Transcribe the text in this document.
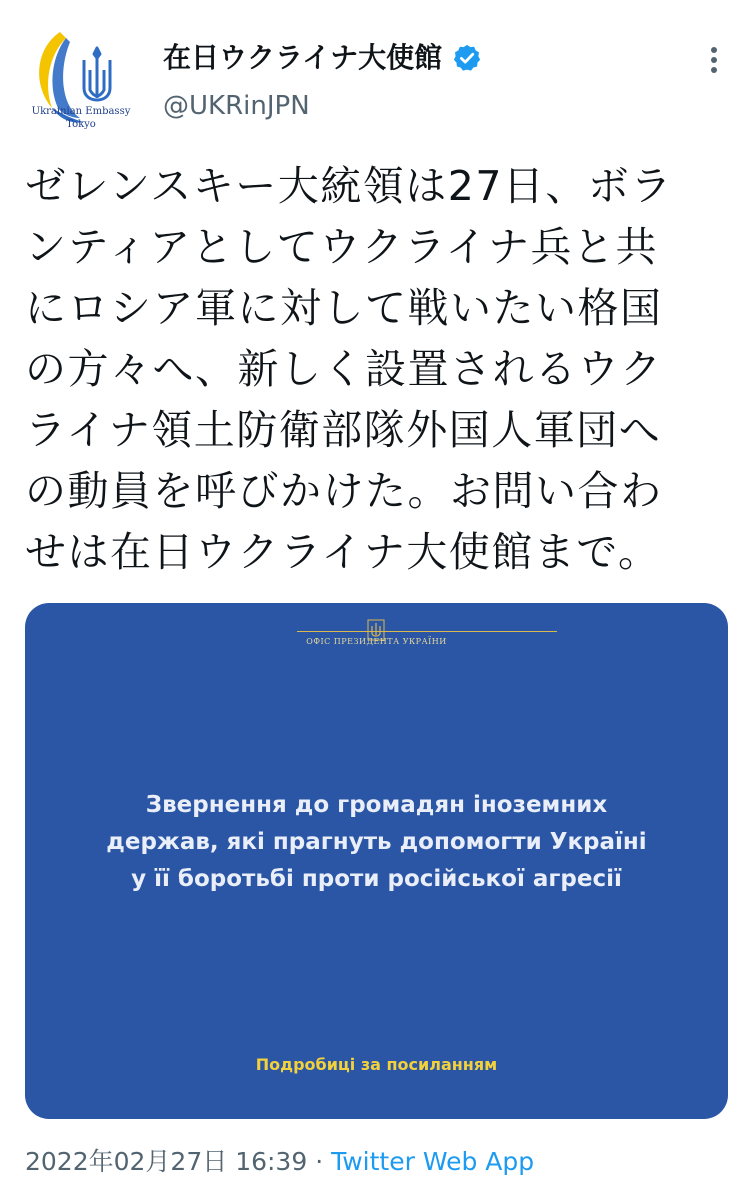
Ukrainian Embassy
Tokyo
在日ウクライナ大使館
@UKRinJPN

ゼレンスキー大統領は27日、ボラ
ンティアとしてウクライナ兵と共
にロシア軍に対して戦いたい格国
の方々へ、新しく設置されるウク
ライナ領土防衛部隊外国人軍団へ
の動員を呼びかけた。お問い合わ
せは在日ウクライナ大使館まで。

ОФІС ПРЕЗИДЕНТА УКРАЇНИ

Звернення до громадян іноземних
держав, які прагнуть допомогти Україні
у її боротьбі проти російської агресії

Подробиці за посиланням
2022年02月27日 16:39 · Twitter Web App
